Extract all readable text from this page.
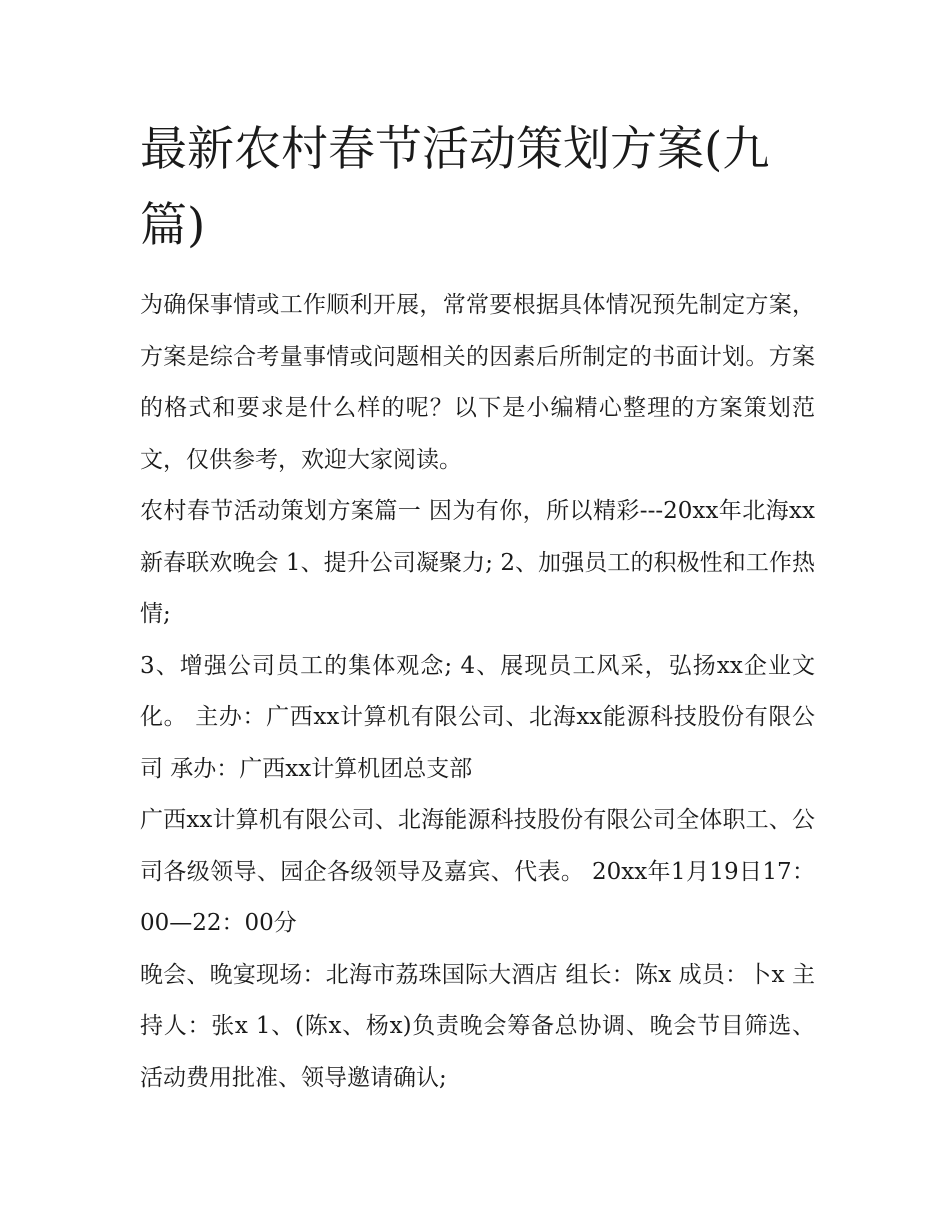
最新农村春节活动策划方案(九篇)

为确保事情或工作顺利开展，常常要根据具体情况预先制定方案，方案是综合考量事情或问题相关的因素后所制定的书面计划。方案的格式和要求是什么样的呢？以下是小编精心整理的方案策划范文，仅供参考，欢迎大家阅读。

农村春节活动策划方案篇一 因为有你，所以精彩---20xx年北海xx新春联欢晚会 1、提升公司凝聚力; 2、加强员工的积极性和工作热情;

3、增强公司员工的集体观念; 4、展现员工风采，弘扬xx企业文化。 主办：广西xx计算机有限公司、北海xx能源科技股份有限公司 承办：广西xx计算机团总支部

广西xx计算机有限公司、北海能源科技股份有限公司全体职工、公司各级领导、园企各级领导及嘉宾、代表。 20xx年1月19日17：00—22：00分

晚会、晚宴现场：北海市荔珠国际大酒店 组长：陈x 成员：卜x 主持人：张x 1、(陈x、杨x)负责晚会筹备总协调、晚会节目筛选、活动费用批准、领导邀请确认;
